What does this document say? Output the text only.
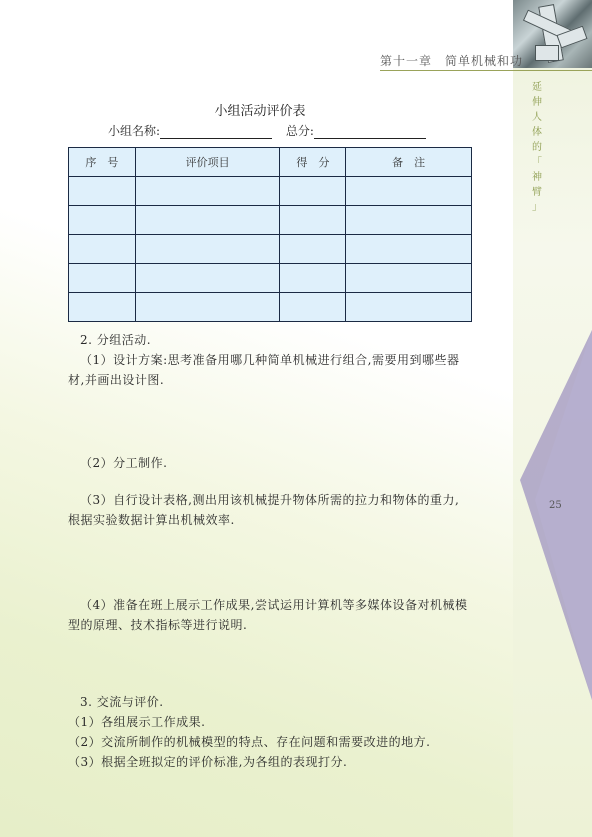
第十一章　简单机械和功
延
伸
人
体
的
「
神
臂
」
25
小组活动评价表
小组名称:	总分:
序　号	评价项目	得　分	备　注

2. 分组活动.
（1）设计方案:思考准备用哪几种简单机械进行组合,需要用到哪些器
材,并画出设计图.
（2）分工制作.
（3）自行设计表格,测出用该机械提升物体所需的拉力和物体的重力,
根据实验数据计算出机械效率.
（4）准备在班上展示工作成果,尝试运用计算机等多媒体设备对机械模
型的原理、技术指标等进行说明.
3. 交流与评价.
（1）各组展示工作成果.
（2）交流所制作的机械模型的特点、存在问题和需要改进的地方.
（3）根据全班拟定的评价标准,为各组的表现打分.
